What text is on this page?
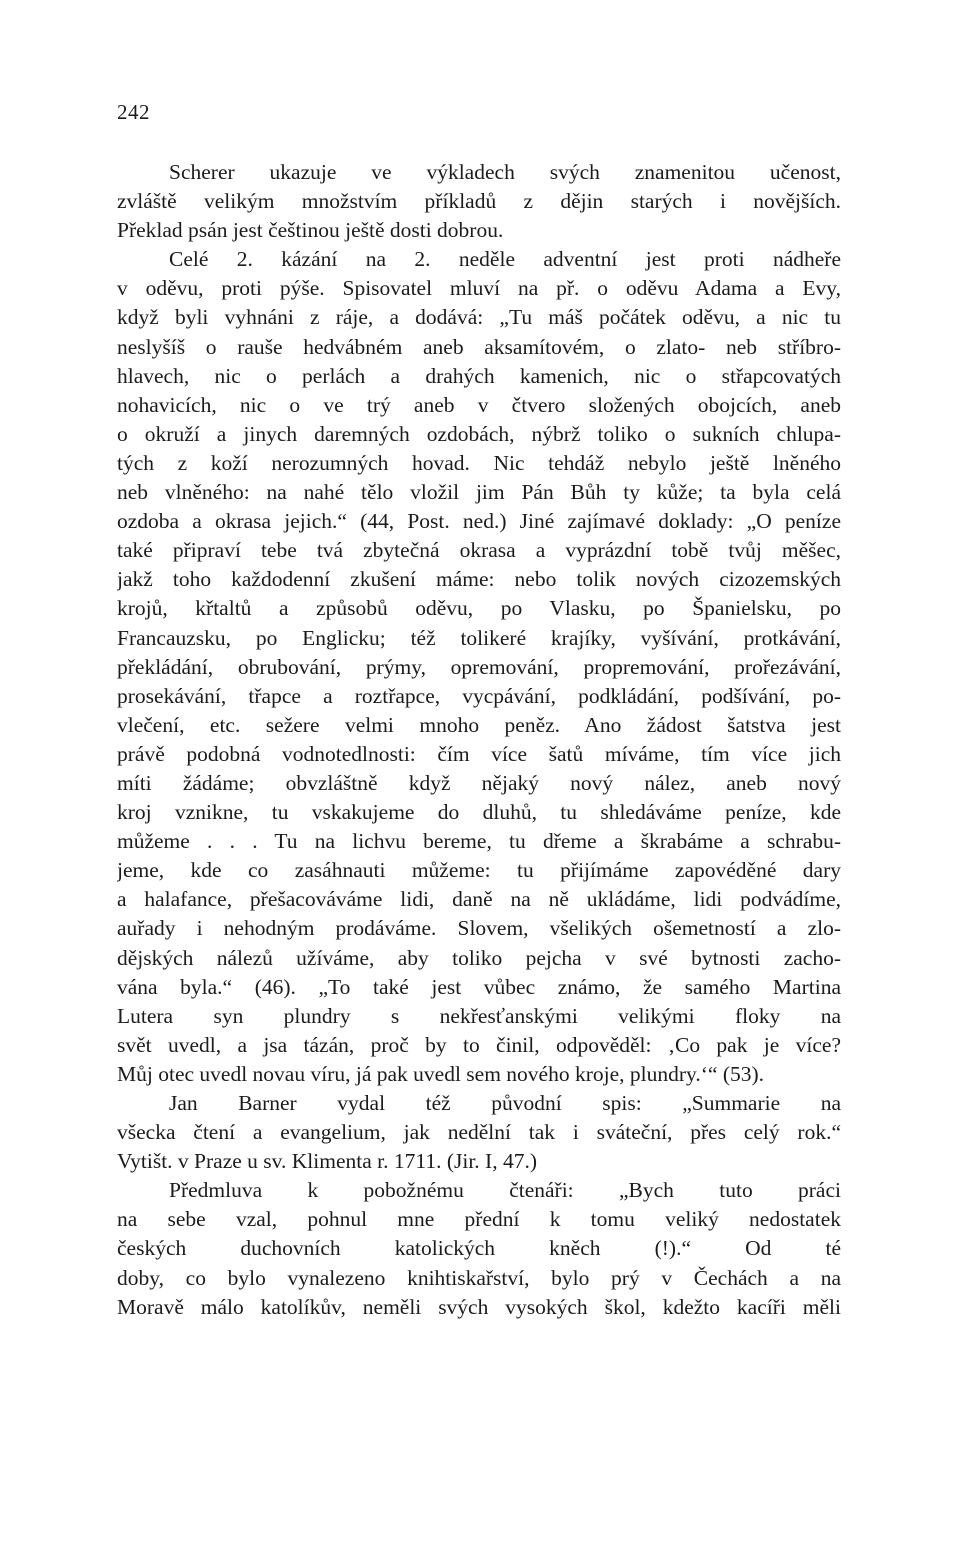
242
Scherer ukazuje ve výkladech svých znamenitou učenost,
zvláště velikým množstvím příkladů z dějin starých i novějších.
Překlad psán jest češtinou ještě dosti dobrou.
Celé 2. kázání na 2. neděle adventní jest proti nádheře
v oděvu, proti pýše. Spisovatel mluví na př. o oděvu Adama a Evy,
když byli vyhnáni z ráje, a dodává: „Tu máš počátek oděvu, a nic tu
neslyšíš o rauše hedvábném aneb aksamítovém, o zlato- neb stříbro-
hlavech, nic o perlách a drahých kamenich, nic o střapcovatých
nohavicích, nic o ve trý aneb v čtvero složených obojcích, aneb
o okruží a jinych daremných ozdobách, nýbrž toliko o sukních chlupa-
tých z koží nerozumných hovad. Nic tehdáž nebylo ještě lněného
neb vlněného: na nahé tělo vložil jim Pán Bůh ty kůže; ta byla celá
ozdoba a okrasa jejich.“ (44, Post. ned.) Jiné zajímavé doklady: „O peníze
také připraví tebe tvá zbytečná okrasa a vyprázdní tobě tvůj měšec,
jakž toho každodenní zkušení máme: nebo tolik nových cizozemských
krojů, křtaltů a způsobů oděvu, po Vlasku, po Španielsku, po
Francauzsku, po Englicku; též tolikeré krajíky, vyšívání, protkávání,
překládání, obrubování, prýmy, opremování, propremování, prořezávání,
prosekávání, třapce a roztřapce, vycpávání, podkládání, podšívání, po-
vlečení, etc. sežere velmi mnoho peněz. Ano žádost šatstva jest
právě podobná vodnotedlnosti: čím více šatů míváme, tím více jich
míti žádáme; obvzláštně když nějaký nový nález, aneb nový
kroj vznikne, tu vskakujeme do dluhů, tu shledáváme peníze, kde
můžeme . . . Tu na lichvu bereme, tu dřeme a škrabáme a schrabu-
jeme, kde co zasáhnauti můžeme: tu přijímáme zapovéděné dary
a halafance, přešacováváme lidi, daně na ně ukládáme, lidi podvádíme,
auřady i nehodným prodáváme. Slovem, všelikých ošemetností a zlo-
dějských nálezů užíváme, aby toliko pejcha v své bytnosti zacho-
vána byla.“ (46). „To také jest vůbec známo, že samého Martina
Lutera syn plundry s nekřesťanskými velikými floky na
svět uvedl, a jsa tázán, proč by to činil, odpověděl: ‚Co pak je více?
Můj otec uvedl novau víru, já pak uvedl sem nového kroje, plundry.‘“ (53).
Jan Barner vydal též původní spis: „Summarie na
všecka čtení a evangelium, jak nedělní tak i sváteční, přes celý rok.“
Vytišt. v Praze u sv. Klimenta r. 1711. (Jir. I, 47.)
Předmluva k pobožnému čtenáři: „Bych tuto práci
na sebe vzal, pohnul mne přední k tomu veliký nedostatek
českých duchovních katolických kněch (!).“ Od té
doby, co bylo vynalezeno knihtiskařství, bylo prý v Čechách a na
Moravě málo katolíkův, neměli svých vysokých škol, kdežto kacíři měli
